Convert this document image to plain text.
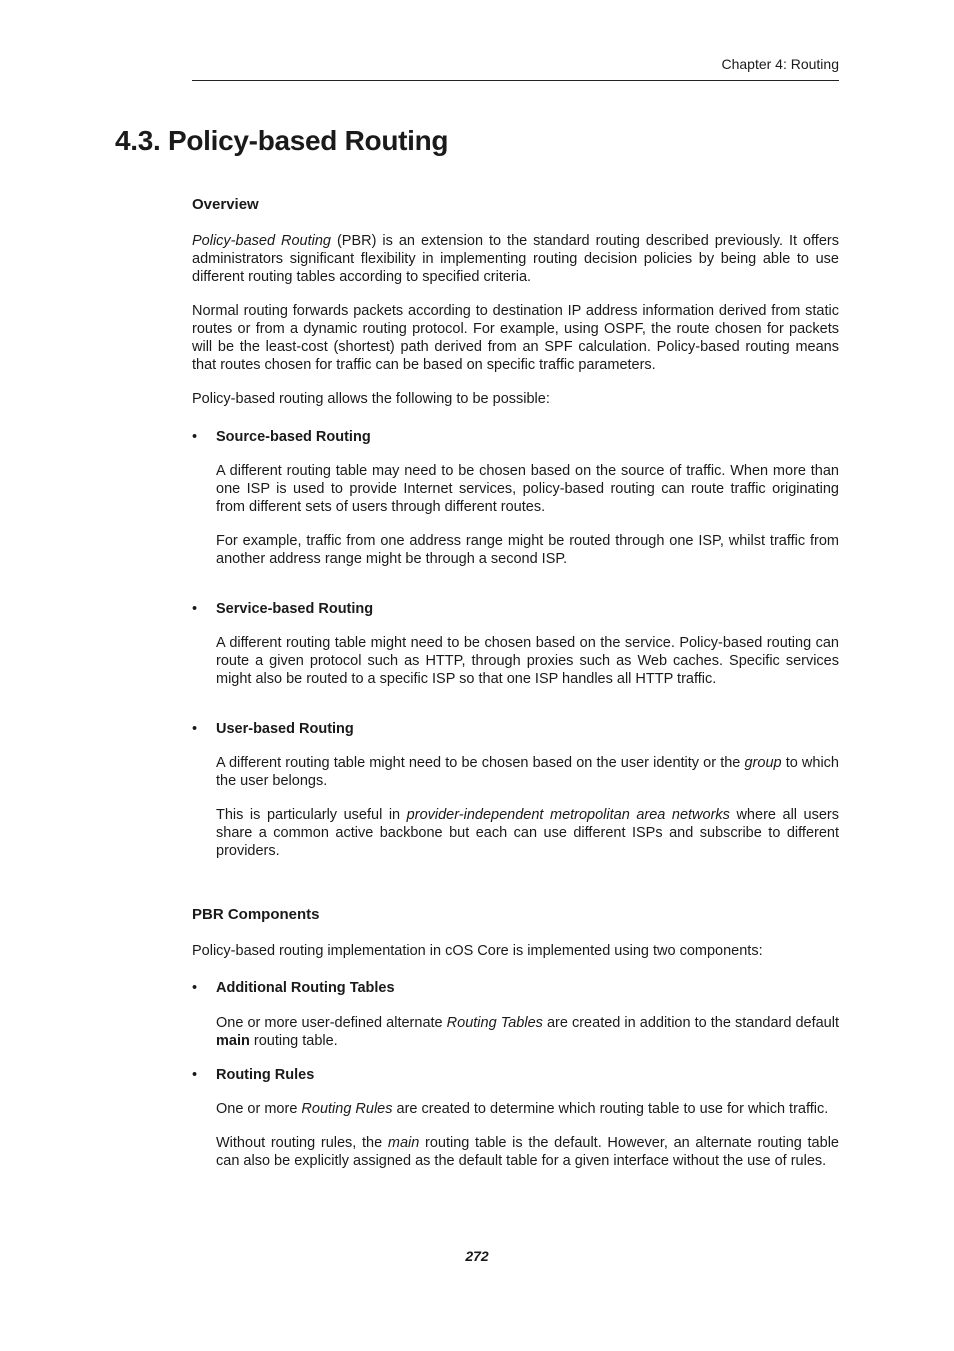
Chapter 4: Routing
4.3. Policy-based Routing
Overview

Policy-based Routing (PBR) is an extension to the standard routing described previously. It offers administrators significant flexibility in implementing routing decision policies by being able to use different routing tables according to specified criteria.

Normal routing forwards packets according to destination IP address information derived from static routes or from a dynamic routing protocol. For example, using OSPF, the route chosen for packets will be the least-cost (shortest) path derived from an SPF calculation. Policy-based routing means that routes chosen for traffic can be based on specific traffic parameters.

Policy-based routing allows the following to be possible:

• Source-based Routing

A different routing table may need to be chosen based on the source of traffic. When more than one ISP is used to provide Internet services, policy-based routing can route traffic originating from different sets of users through different routes.

For example, traffic from one address range might be routed through one ISP, whilst traffic from another address range might be through a second ISP.

• Service-based Routing

A different routing table might need to be chosen based on the service. Policy-based routing can route a given protocol such as HTTP, through proxies such as Web caches. Specific services might also be routed to a specific ISP so that one ISP handles all HTTP traffic.

• User-based Routing

A different routing table might need to be chosen based on the user identity or the group to which the user belongs.

This is particularly useful in provider-independent metropolitan area networks where all users share a common active backbone but each can use different ISPs and subscribe to different providers.

PBR Components

Policy-based routing implementation in cOS Core is implemented using two components:

• Additional Routing Tables

One or more user-defined alternate Routing Tables are created in addition to the standard default main routing table.

• Routing Rules

One or more Routing Rules are created to determine which routing table to use for which traffic.

Without routing rules, the main routing table is the default. However, an alternate routing table can also be explicitly assigned as the default table for a given interface without the use of rules.

272
